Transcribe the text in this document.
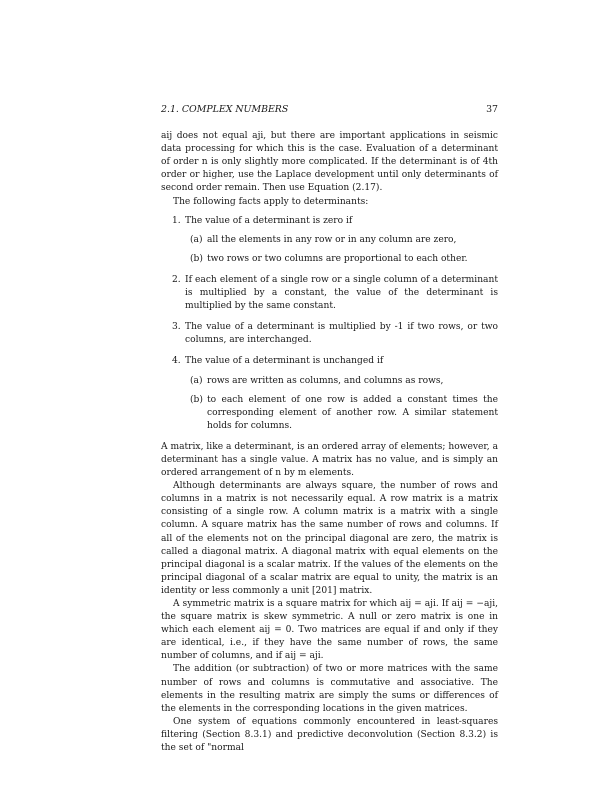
2.1. COMPLEX NUMBERS	37

aij does not equal aji, but there are important applications in seismic data processing for which this is the case. Evaluation of a determinant of order n is only slightly more complicated. If the determinant is of 4th order or higher, use the Laplace development until only determinants of second order remain. Then use Equation (2.17).

The following facts apply to determinants:

1. The value of a determinant is zero if
(a) all the elements in any row or in any column are zero,
(b) two rows or two columns are proportional to each other.
2. If each element of a single row or a single column of a determinant is multiplied by a constant, the value of the determinant is multiplied by the same constant.
3. The value of a determinant is multiplied by -1 if two rows, or two columns, are interchanged.
4. The value of a determinant is unchanged if
(a) rows are written as columns, and columns as rows,
(b) to each element of one row is added a constant times the corresponding element of another row. A similar statement holds for columns.

A matrix, like a determinant, is an ordered array of elements; however, a determinant has a single value. A matrix has no value, and is simply an ordered arrangement of n by m elements.

Although determinants are always square, the number of rows and columns in a matrix is not necessarily equal. A row matrix is a matrix consisting of a single row. A column matrix is a matrix with a single column. A square matrix has the same number of rows and columns. If all of the elements not on the principal diagonal are zero, the matrix is called a diagonal matrix. A diagonal matrix with equal elements on the principal diagonal is a scalar matrix. If the values of the elements on the principal diagonal of a scalar matrix are equal to unity, the matrix is an identity or less commonly a unit [201] matrix.

A symmetric matrix is a square matrix for which aij = aji. If aij = −aji, the square matrix is skew symmetric. A null or zero matrix is one in which each element aij = 0. Two matrices are equal if and only if they are identical, i.e., if they have the same number of rows, the same number of columns, and if aij = aji.

The addition (or subtraction) of two or more matrices with the same number of rows and columns is commutative and associative. The elements in the resulting matrix are simply the sums or differences of the elements in the corresponding locations in the given matrices.

One system of equations commonly encountered in least-squares filtering (Section 8.3.1) and predictive deconvolution (Section 8.3.2) is the set of "normal
